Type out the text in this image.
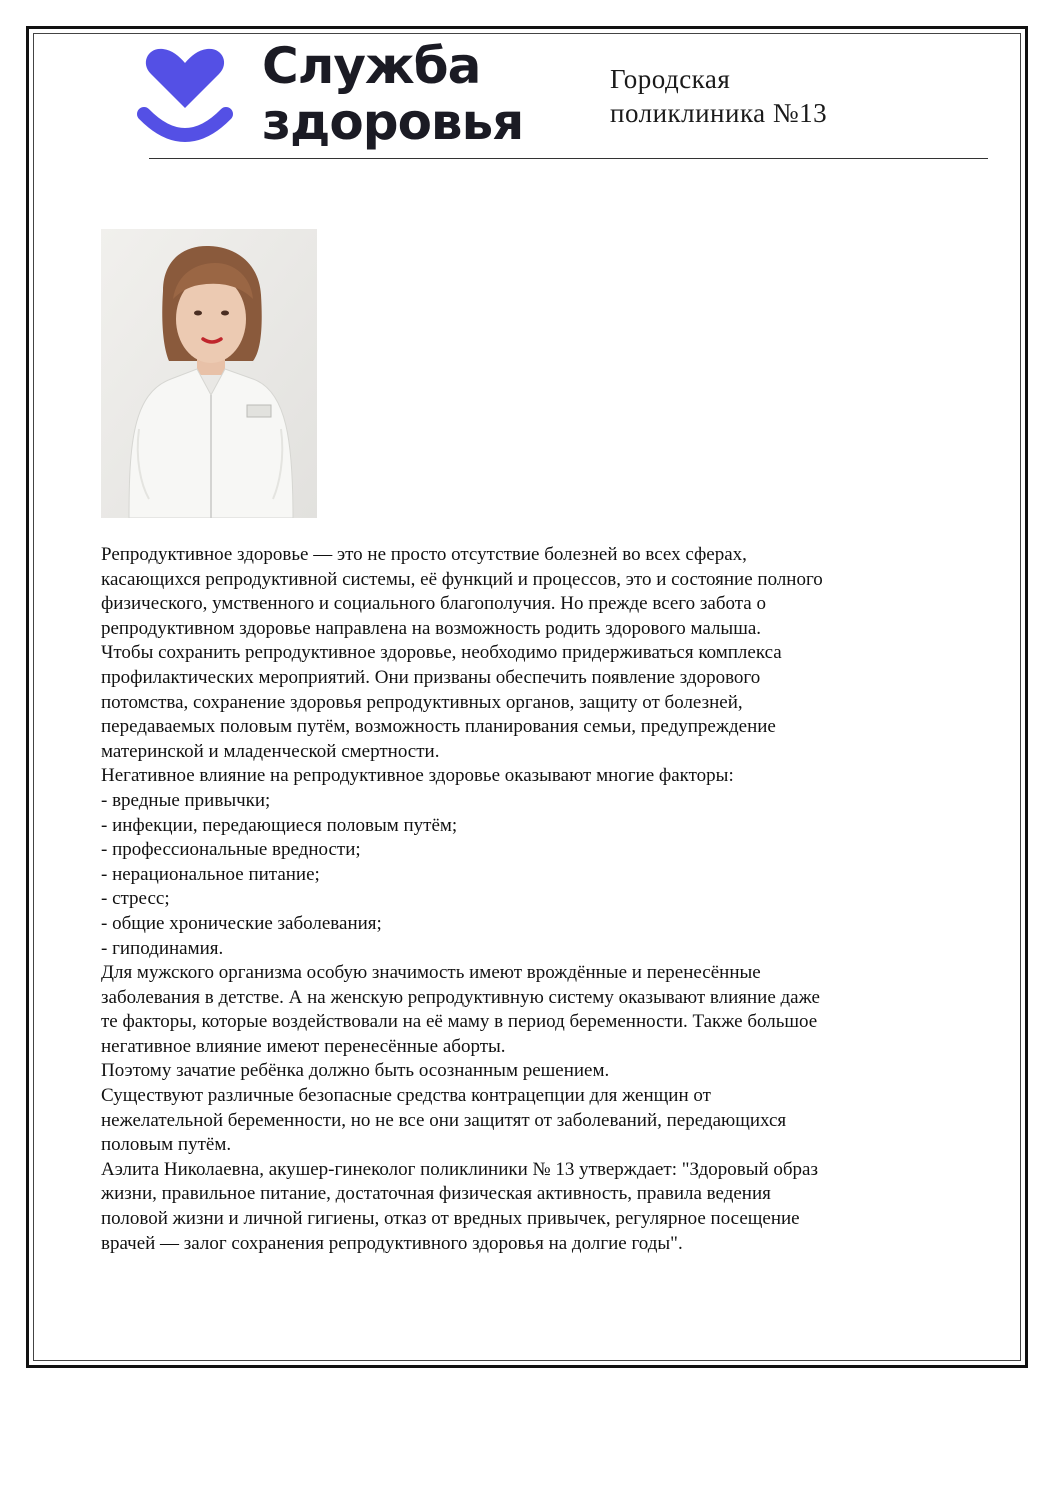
Служба
здоровья
Городская
поликлиника №13

Репродуктивное здоровье — это не просто отсутствие болезней во всех сферах,

касающихся репродуктивной системы, её функций и процессов, это и состояние полного

физического, умственного и социального благополучия. Но прежде всего забота о

репродуктивном здоровье направлена на возможность родить здорового малыша.

Чтобы сохранить репродуктивное здоровье, необходимо придерживаться комплекса

профилактических мероприятий. Они призваны обеспечить появление здорового

потомства, сохранение здоровья репродуктивных органов, защиту от болезней,

передаваемых половым путём, возможность планирования семьи, предупреждение

материнской и младенческой смертности.

Негативное влияние на репродуктивное здоровье оказывают многие факторы:

- вредные привычки;

- инфекции, передающиеся половым путём;

- профессиональные вредности;

- нерациональное питание;

- стресс;

- общие хронические заболевания;

- гиподинамия.

Для мужского организма особую значимость имеют врождённые и перенесённые

заболевания в детстве. А на женскую репродуктивную систему оказывают влияние даже

те факторы, которые воздействовали на её маму в период беременности. Также большое

негативное влияние имеют перенесённые аборты.

Поэтому зачатие ребёнка должно быть осознанным решением.

Существуют различные безопасные средства контрацепции для женщин от

нежелательной беременности, но не все они защитят от заболеваний, передающихся

половым путём.

Аэлита Николаевна, акушер-гинеколог поликлиники № 13 утверждает: "Здоровый образ

жизни, правильное питание, достаточная физическая активность, правила ведения

половой жизни и личной гигиены, отказ от вредных привычек, регулярное посещение

врачей — залог сохранения репродуктивного здоровья на долгие годы".
